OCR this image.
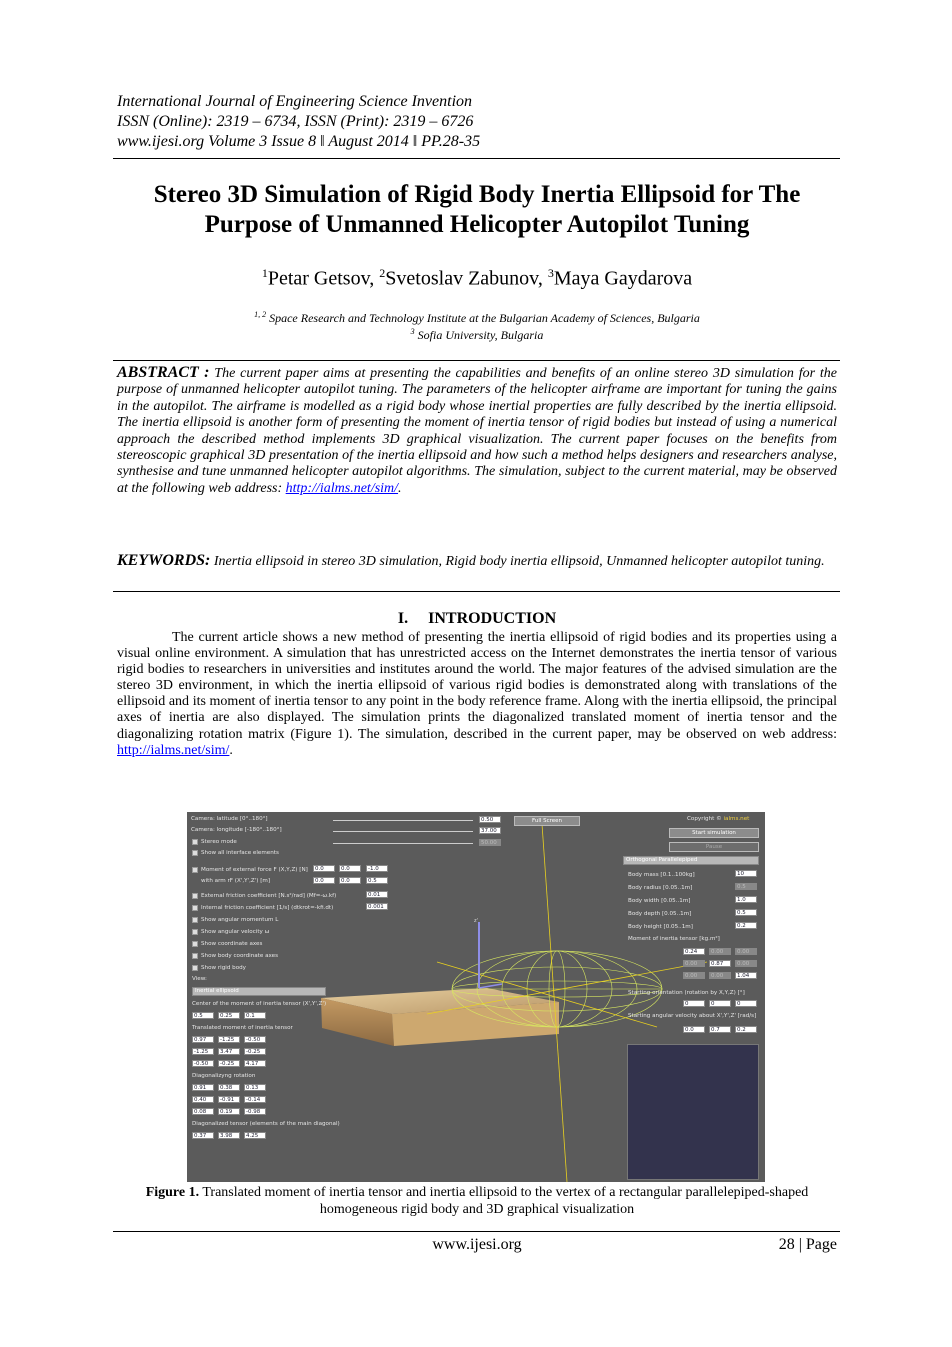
International Journal of Engineering Science Invention
ISSN (Online): 2319 – 6734, ISSN (Print): 2319 – 6726
www.ijesi.org Volume 3 Issue 8 ǁ August 2014 ǁ PP.28-35
Stereo 3D Simulation of Rigid Body Inertia Ellipsoid for The
Purpose of Unmanned Helicopter Autopilot Tuning
$^1$Petar Getsov, $^2$Svetoslav Zabunov, $^3$Maya Gaydarova
$^{1, 2}$ Space Research and Technology Institute at the Bulgarian Academy of Sciences, Bulgaria
$^3$ Sofia University, Bulgaria
ABSTRACT : The current paper aims at presenting the capabilities and benefits of an online stereo 3D simulation for the purpose of unmanned helicopter autopilot tuning. The parameters of the helicopter airframe are important for tuning the gains in the autopilot. The airframe is modelled as a rigid body whose inertial properties are fully described by the inertia ellipsoid. The inertia ellipsoid is another form of presenting the moment of inertia tensor of rigid bodies but instead of using a numerical approach the described method implements 3D graphical visualization. The current paper focuses on the benefits from stereoscopic graphical 3D presentation of the inertia ellipsoid and how such a method helps designers and researchers analyse, synthesise and tune unmanned helicopter autopilot algorithms. The simulation, subject to the current material, may be observed at the following web address: http://ialms.net/sim/.
KEYWORDS: Inertia ellipsoid in stereo 3D simulation, Rigid body inertia ellipsoid, Unmanned helicopter autopilot tuning.
I. INTRODUCTION
The current article shows a new method of presenting the inertia ellipsoid of rigid bodies and its properties using a visual online environment. A simulation that has unrestricted access on the Internet demonstrates the inertia tensor of various rigid bodies to researchers in universities and institutes around the world. The major features of the advised simulation are the stereo 3D environment, in which the inertia ellipsoid of various rigid bodies is demonstrated along with translations of the ellipsoid and its moment of inertia tensor to any point in the body reference frame. Along with the inertia ellipsoid, the principal axes of inertia are also displayed. The simulation prints the diagonalized translated moment of inertia tensor and the diagonalizing rotation matrix (Figure 1). The simulation, described in the current paper, may be observed on web address: http://ialms.net/sim/.
z'
Camera: latitude [0°..180°]
Camera: longitude [-180°..180°]
0.50
37.00
50.00
Full Screen
Stereo mode
Show all interface elements
Moment of external force F (X,Y,Z) [N]	0.0	0.0	-1.0
with arm rF (X',Y',Z') [m]	0.0	0.0	0.5
External friction coefficient [N.s²/rad] (Mf=-ω.kf)	0.01
Internal friction coefficient [1/s] (dtkrot=-kfi.dt)	0.001
Show angular momentum L
Show angular velocity ω
Show coordinate axes
Show body coordinate axes
Show rigid body
View:
Inertial ellipsoid
Center of the moment of inertia tensor (X',Y',Z')
0.5	0.25	0.1
Translated moment of inertia tensor
0.97	-1.25	-0.50
-1.25	3.47	-0.25
-0.50	-0.25	4.17
Diagonalizyng rotation
0.91	0.38	0.13
0.40	-0.91	-0.14
0.08	0.19	-0.98
Diagonalized tensor (elements of the main diagonal)
0.37	3.98	4.25
Copyright © ialms.net
Start simulation
Pause
Orthogonal Parallelepiped
Body mass [0.1..100kg]	10
Body radius [0.05..1m]	0.5
Body width [0.05..1m]	1.0
Body depth [0.05..1m]	0.5
Body height [0.05..1m]	0.2
Moment of inertia tensor [kg.m²]
0.24	0.00	0.00
0.00	0.87	0.00
0.00	0.00	1.04
Starting orientation (rotation by X,Y,Z) [°]
0	0	0
Starting angular velocity about X',Y',Z' [rad/s]
0.0	0.7	0.2
Figure 1. Translated moment of inertia tensor and inertia ellipsoid to the vertex of a rectangular parallelepiped-shaped homogeneous rigid body and 3D graphical visualization
www.ijesi.org	28 | Page
